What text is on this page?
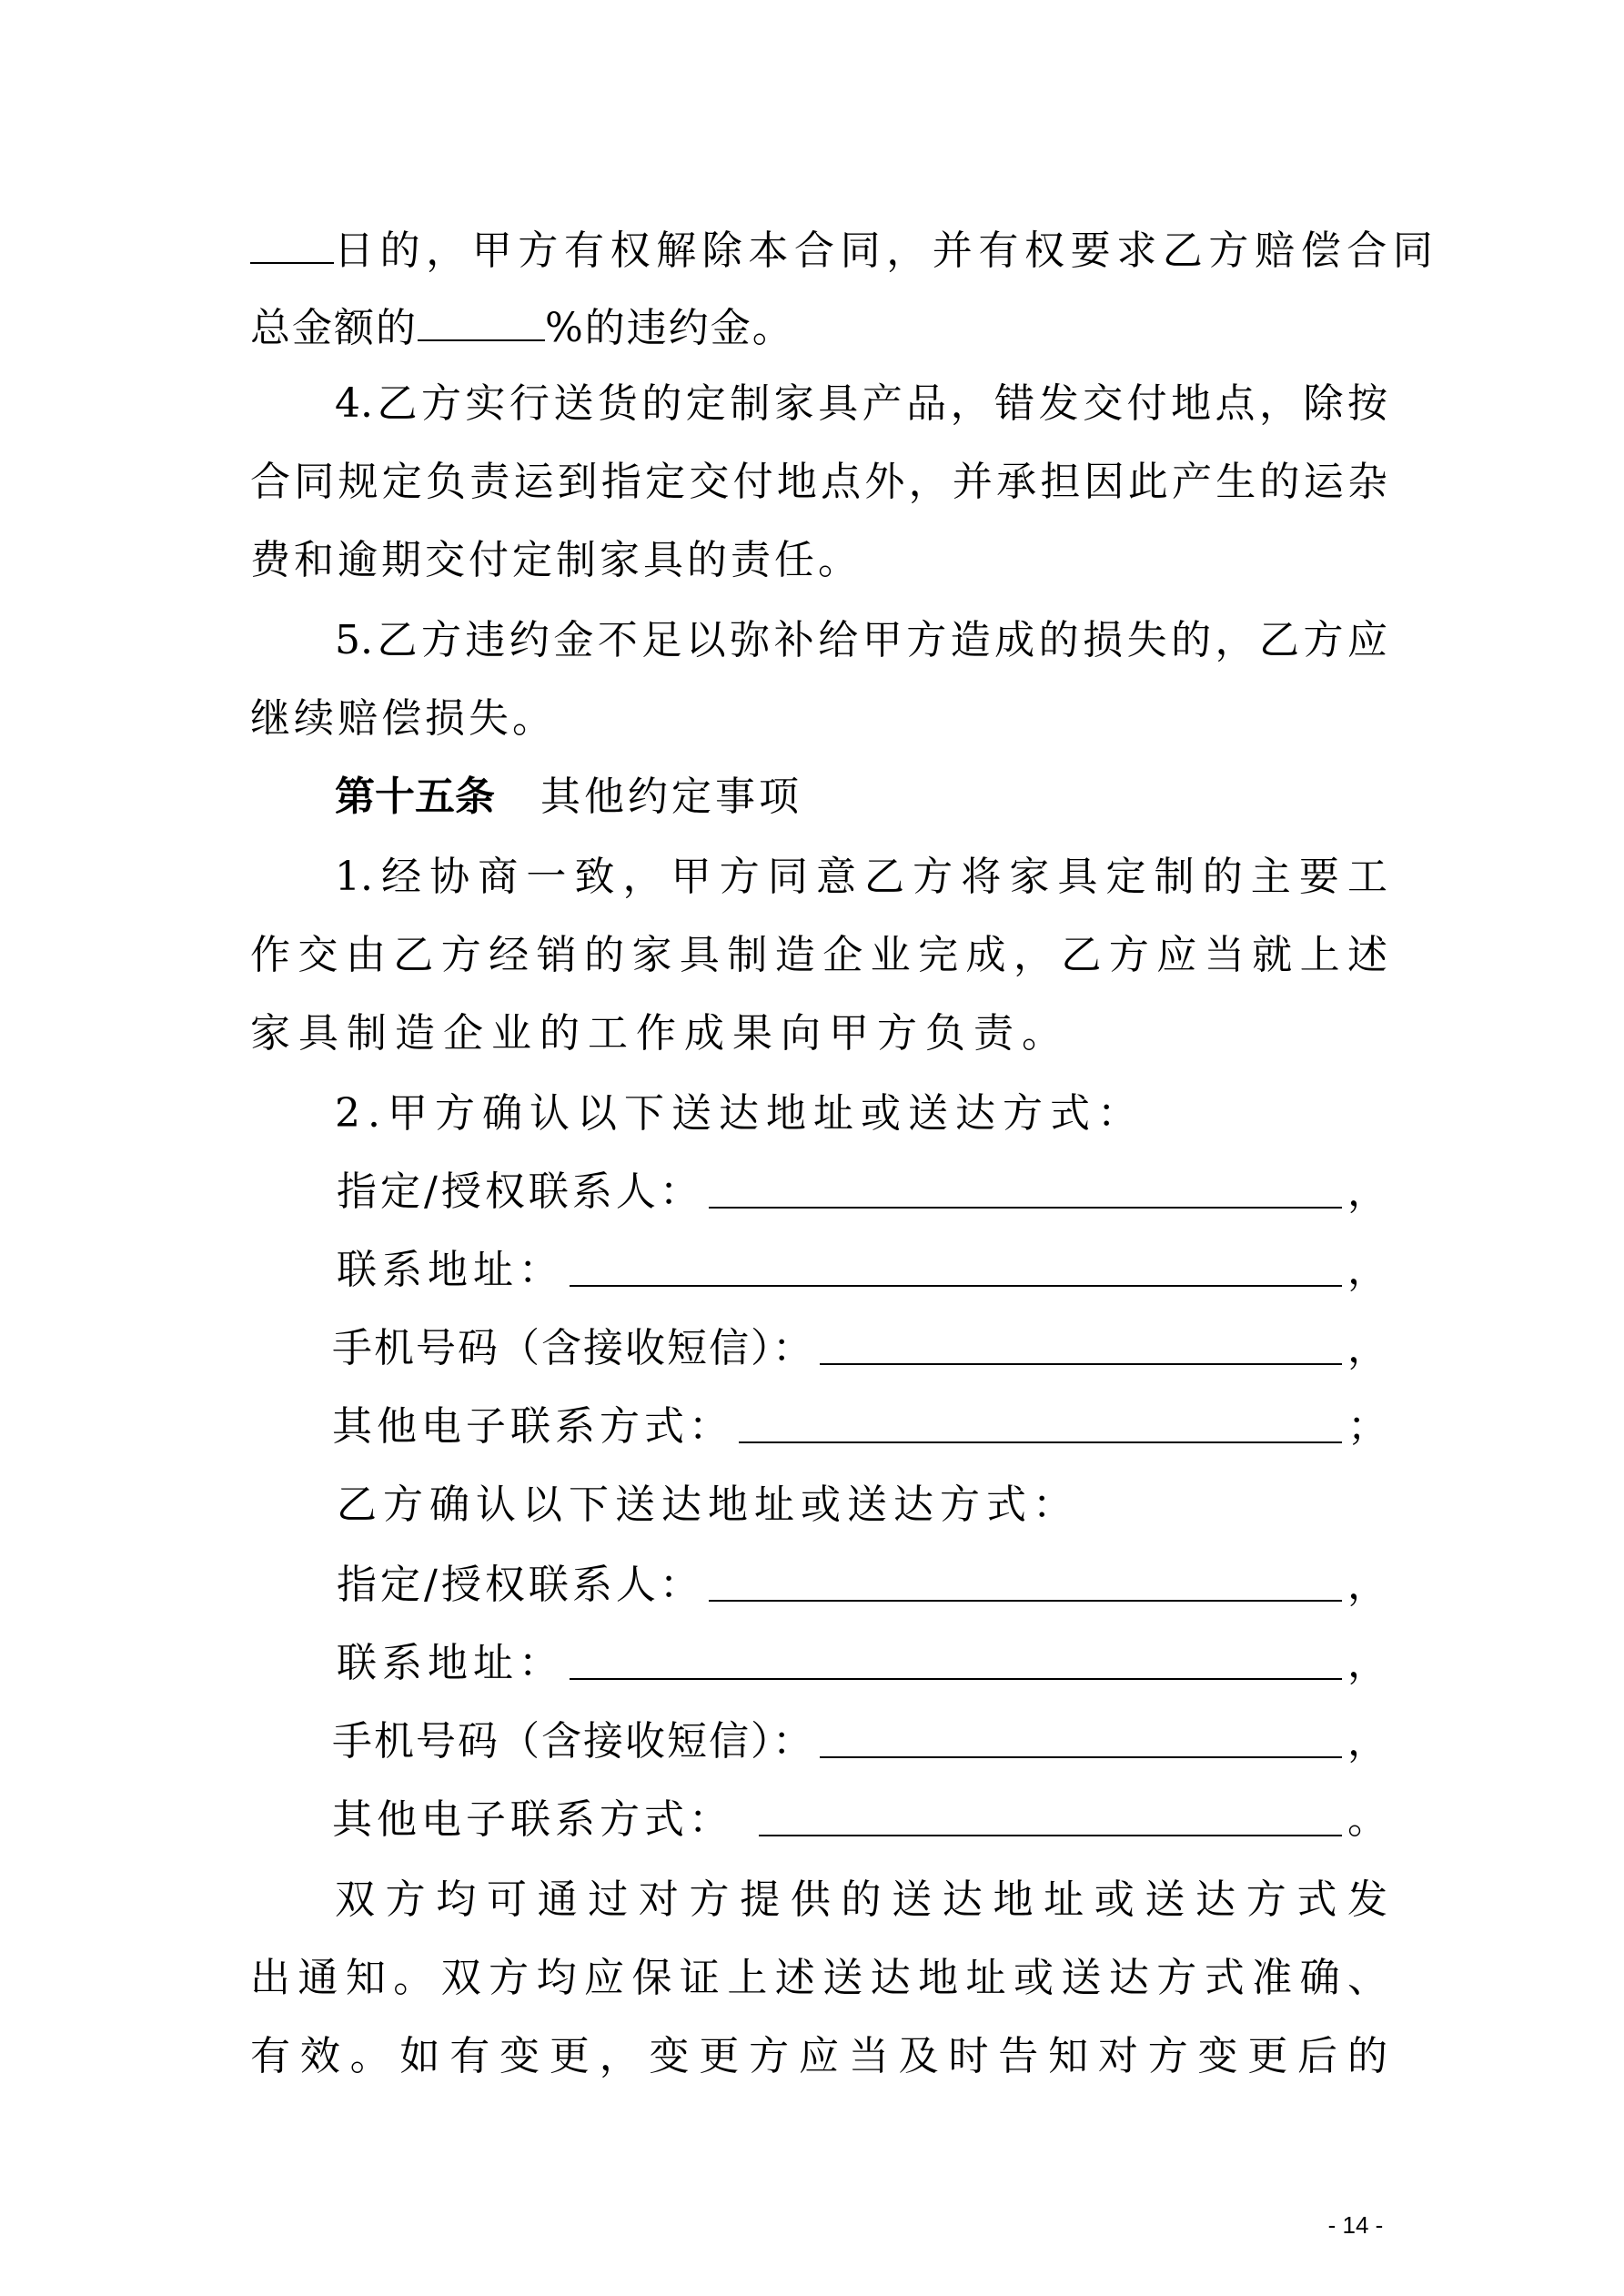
日的，甲方有权解除本合同，并有权要求乙方赔偿合同
总金额的	%的违约金。
4.乙方实行送货的定制家具产品，错发交付地点，除按
合同规定负责运到指定交付地点外，并承担因此产生的运杂
费和逾期交付定制家具的责任。
5.乙方违约金不足以弥补给甲方造成的损失的，乙方应
继续赔偿损失。
第十五条 其他约定事项
1.经协商一致，甲方同意乙方将家具定制的主要工
作交由乙方经销的家具制造企业完成，乙方应当就上述
家具制造企业的工作成果向甲方负责。
2.甲方确认以下送达地址或送达方式：
指定/授权联系人：	，
联系地址：	，
手机号码（含接收短信）：	，
其他电子联系方式：	；
乙方确认以下送达地址或送达方式：
指定/授权联系人：	，
联系地址：	，
手机号码（含接收短信）：	，
其他电子联系方式：	。
双方均可通过对方提供的送达地址或送达方式发
出通知。双方均应保证上述送达地址或送达方式准确、
有效。如有变更，变更方应当及时告知对方变更后的
- 14 -
